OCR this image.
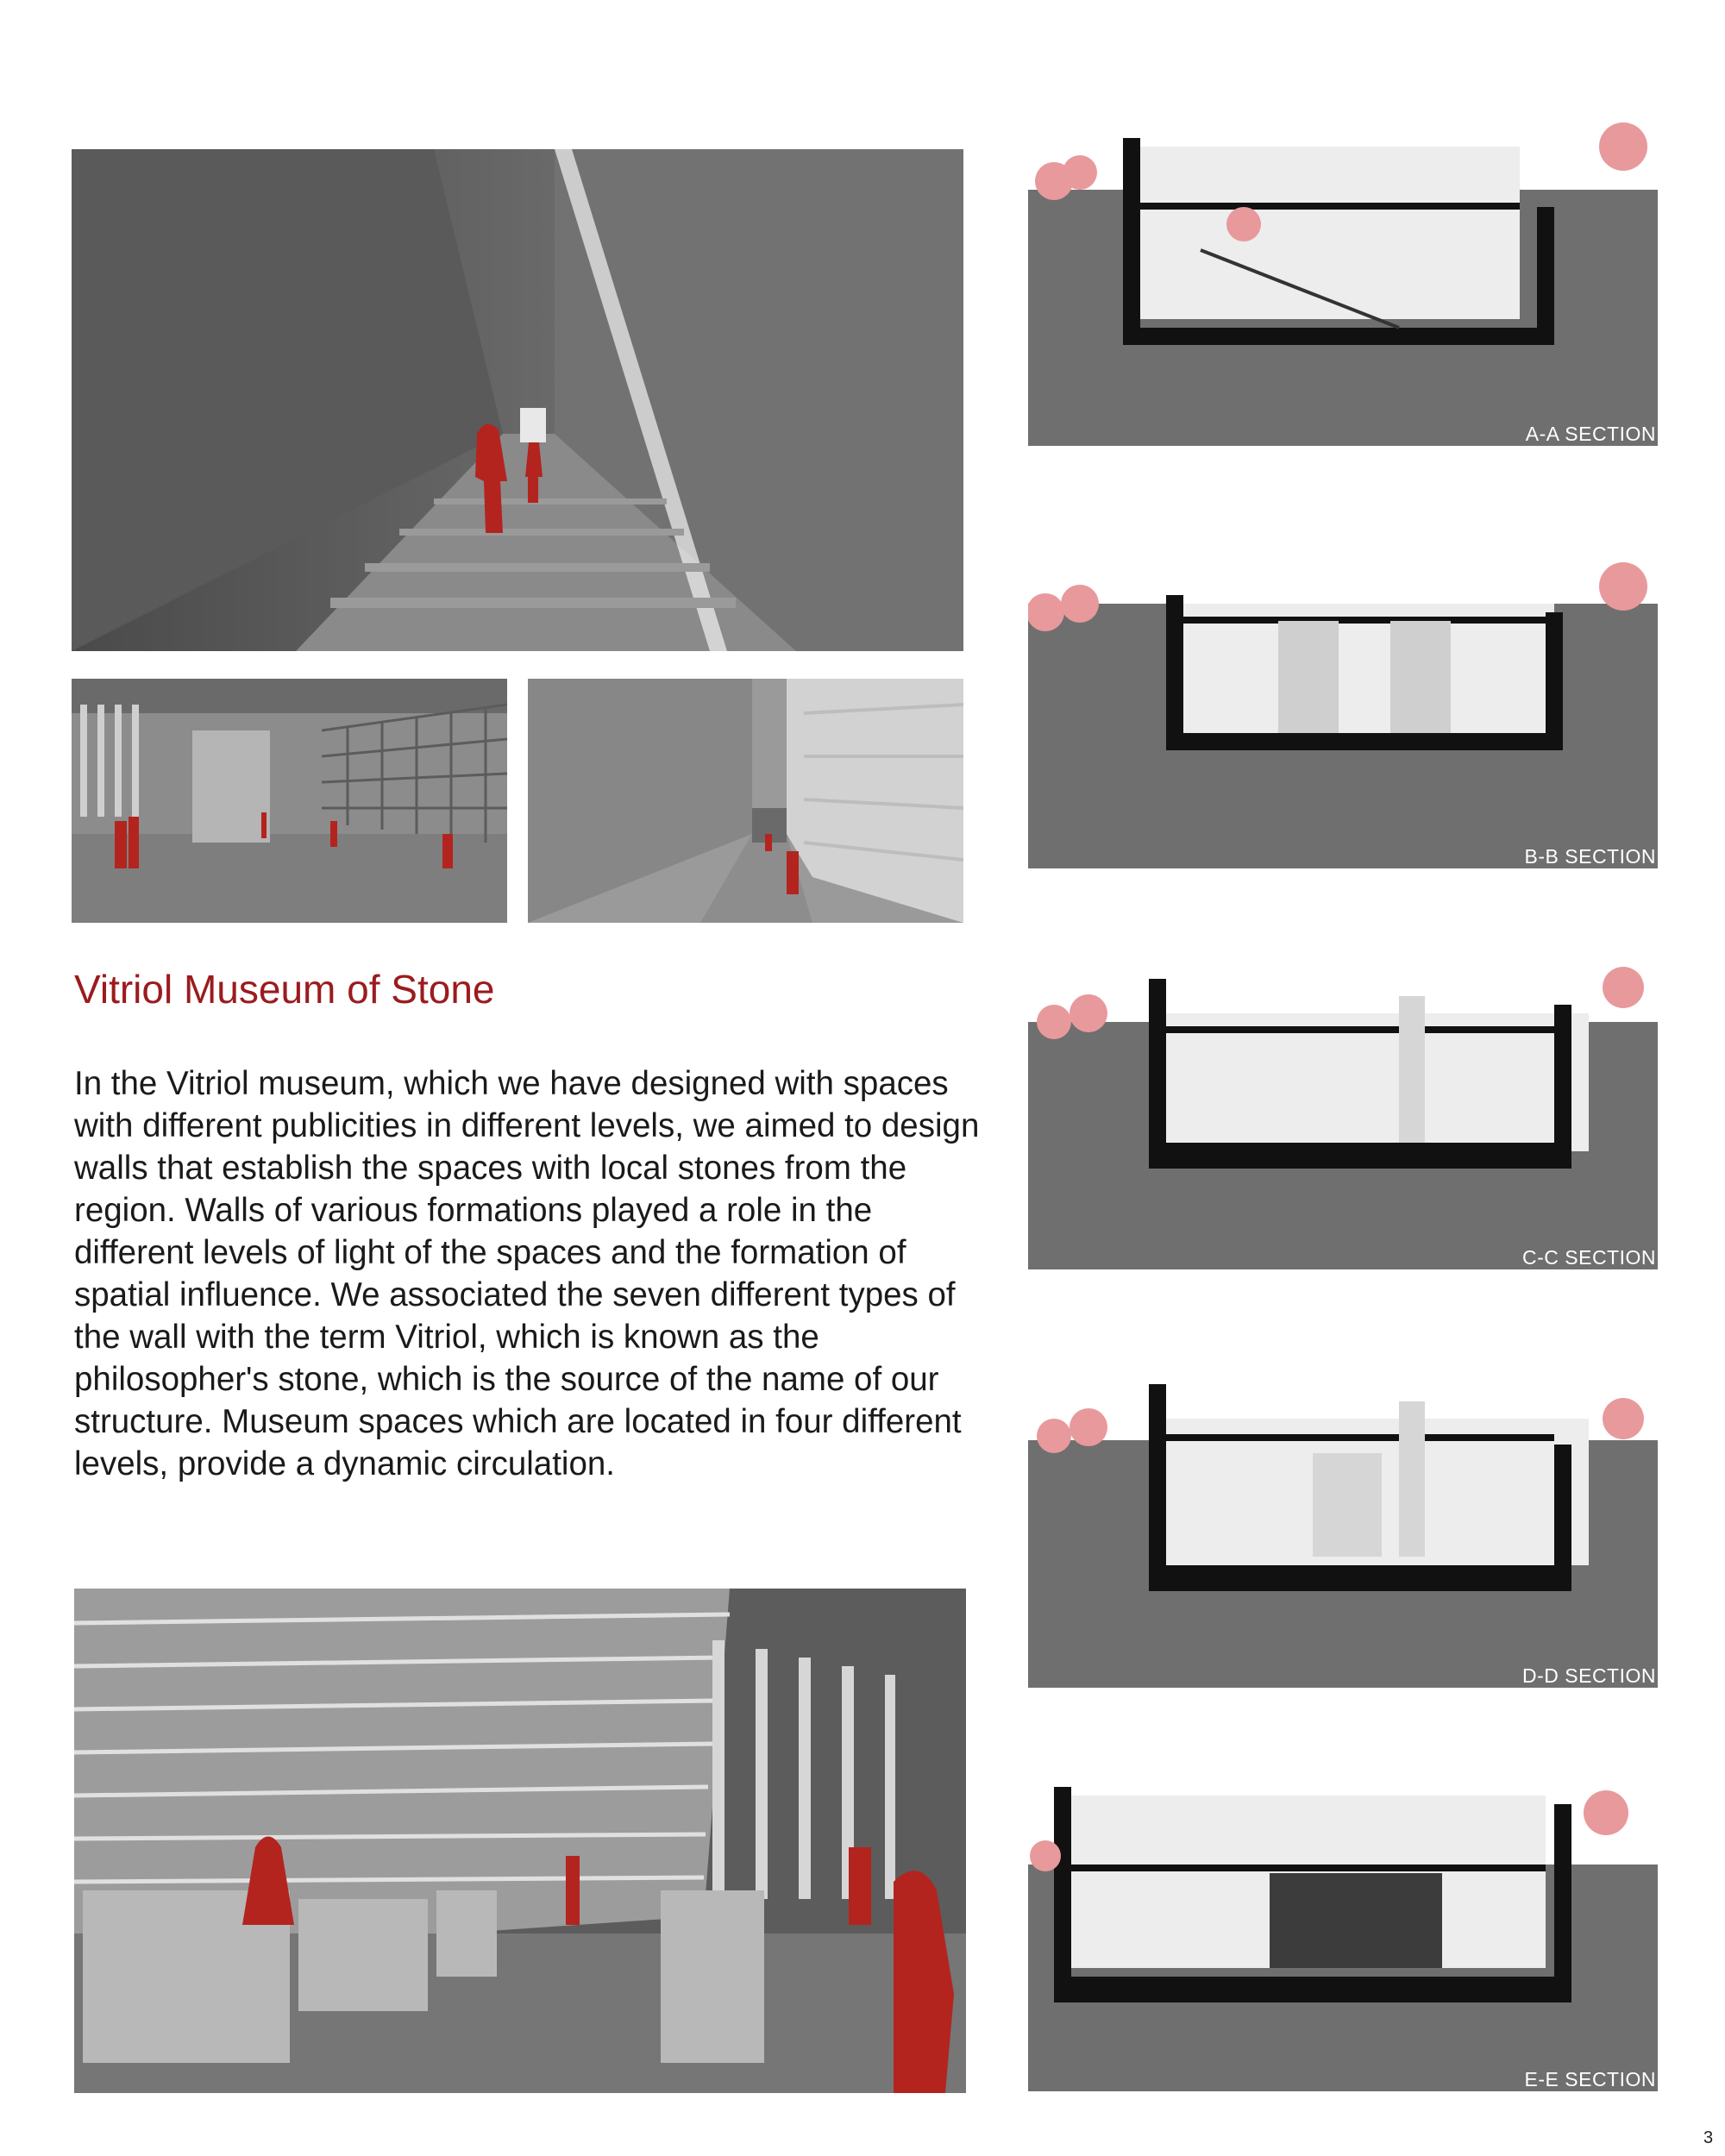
Vitriol Museum of Stone
In the Vitriol museum, which we have designed with spaces with different publicities in different levels, we aimed to design walls that establish the spaces with local stones from the region. Walls of various formations played a role in the different levels of light of the spaces and the formation of spatial influence. We associated the seven different types of the wall with the term Vitriol, which is known as the philosopher's stone, which is the source of the name of our structure. Museum spaces which are located in four different levels, provide a dynamic circulation.
A-A SECTION
B-B SECTION
C-C SECTION
D-D SECTION
E-E SECTION
3
